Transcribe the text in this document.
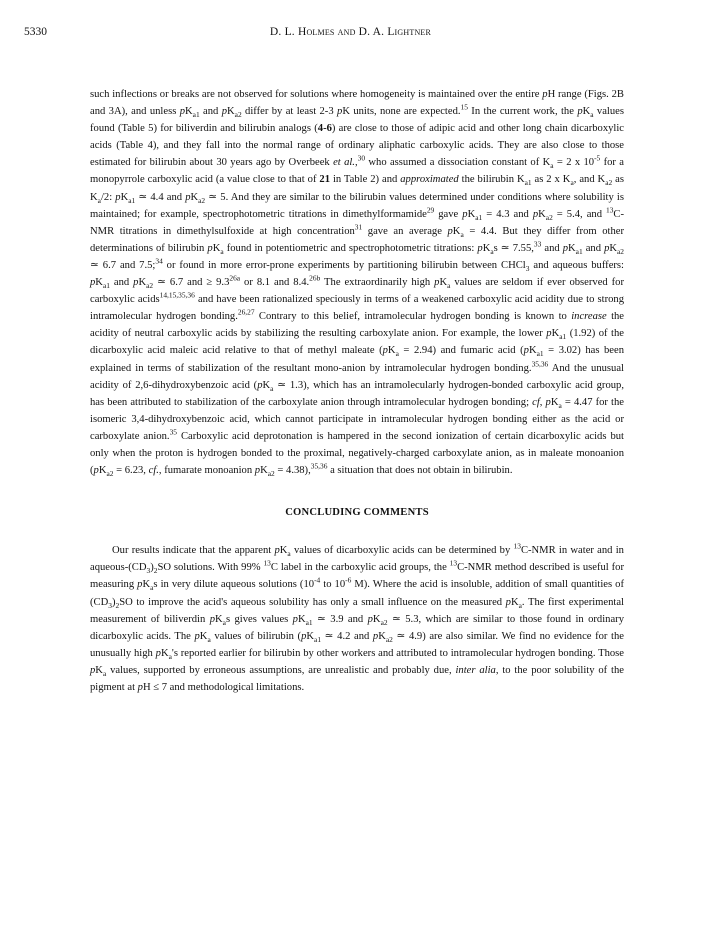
5330	D. L. Holmes and D. A. Lightner

such inflections or breaks are not observed for solutions where homogeneity is maintained over the entire pH range (Figs. 2B and 3A), and unless $pK_{a1}$ and $pK_{a2}$ differ by at least 2-3 pK units, none are expected.$^{15}$ In the current work, the $pK_a$ values found (Table 5) for biliverdin and bilirubin analogs (4-6) are close to those of adipic acid and other long chain dicarboxylic acids (Table 4), and they fall into the normal range of ordinary aliphatic carboxylic acids. They are also close to those estimated for bilirubin about 30 years ago by Overbeek et al.,$^{30}$ who assumed a dissociation constant of $K_a = 2$ x $10^{-5}$ for a monopyrrole carboxylic acid (a value close to that of 21 in Table 2) and approximated the bilirubin $K_{a1}$ as 2 x $K_a$, and $K_{a2}$ as $K_a/2$: $pK_{a1}$ ≃ 4.4 and $pK_{a2}$ ≃ 5. And they are similar to the bilirubin values determined under conditions where solubility is maintained; for example, spectrophotometric titrations in dimethylformamide$^{29}$ gave $pK_{a1} = 4.3$ and $pK_{a2} = 5.4$, and $^{13}$C-NMR titrations in dimethylsulfoxide at high concentration$^{31}$ gave an average $pK_a = 4.4$. But they differ from other determinations of bilirubin $pK_a$ found in potentiometric and spectrophotometric titrations: $pK_as$ ≃ 7.55,33 and $pK_{a1}$ and $pK_{a2}$ ≃ 6.7 and 7.5;$^{34}$ or found in more error-prone experiments by partitioning bilirubin between CHCl$_3$ and aqueous buffers: $pK_{a1}$ and $pK_{a2}$ ≃ 6.7 and ≥ $9.3^{26a}$ or 8.1 and 8.4.$^{26b}$ The extraordinarily high $pK_a$ values are seldom if ever observed for carboxylic acids$^{14,15,35,36}$ and have been rationalized speciously in terms of a weakened carboxylic acid acidity due to strong intramolecular hydrogen bonding.$^{26,27}$ Contrary to this belief, intramolecular hydrogen bonding is known to increase the acidity of neutral carboxylic acids by stabilizing the resulting carboxylate anion. For example, the lower $pK_{a1}$ (1.92) of the dicarboxylic acid maleic acid relative to that of methyl maleate $(pK_a = 2.94)$ and fumaric acid $(pK_{a1} = 3.02)$ has been explained in terms of stabilization of the resultant mono-anion by intramolecular hydrogen bonding.$^{35,36}$ And the unusual acidity of 2,6-dihydroxybenzoic acid ($pK_a$ ≃ 1.3), which has an intramolecularly hydrogen-bonded carboxylic acid group, has been attributed to stabilization of the carboxylate anion through intramolecular hydrogen bonding; cf, $pK_a = 4.47$ for the isomeric 3,4-dihydroxybenzoic acid, which cannot participate in intramolecular hydrogen bonding either as the acid or carboxylate anion.$^{35}$ Carboxylic acid deprotonation is hampered in the second ionization of certain dicarboxylic acids but only when the proton is hydrogen bonded to the proximal, negatively-charged carboxylate anion, as in maleate monoanion ($pK_{a2} = 6.23$, cf., fumarate monoanion $pK_{a2} = 4.38),^{35,36}$ a situation that does not obtain in bilirubin.

CONCLUDING COMMENTS

Our results indicate that the apparent $pK_a$ values of dicarboxylic acids can be determined by $^{13}$C-NMR in water and in aqueous-$(CD_3)_2SO$ solutions. With 99% $^{13}$C label in the carboxylic acid groups, the $^{13}$C-NMR method described is useful for measuring $pK_as$ in very dilute aqueous solutions ($10^{-4}$ to $10^{-6}$ M). Where the acid is insoluble, addition of small quantities of $(CD_3)_2SO$ to improve the acid's aqueous solubility has only a small influence on the measured $pK_a$. The first experimental measurement of biliverdin $pK_as$ gives values $pK_{a1}$ ≃ 3.9 and $pK_{a2}$ ≃ 5.3, which are similar to those found in ordinary dicarboxylic acids. The $pK_a$ values of bilirubin ($pK_{a1}$ ≃ 4.2 and $pK_{a2}$ ≃ 4.9) are also similar. We find no evidence for the unusually high $pK_a's$ reported earlier for bilirubin by other workers and attributed to intramolecular hydrogen bonding. Those $pK_a$ values, supported by erroneous assumptions, are unrealistic and probably due, inter alia, to the poor solubility of the pigment at pH ≤ 7 and methodological limitations.
